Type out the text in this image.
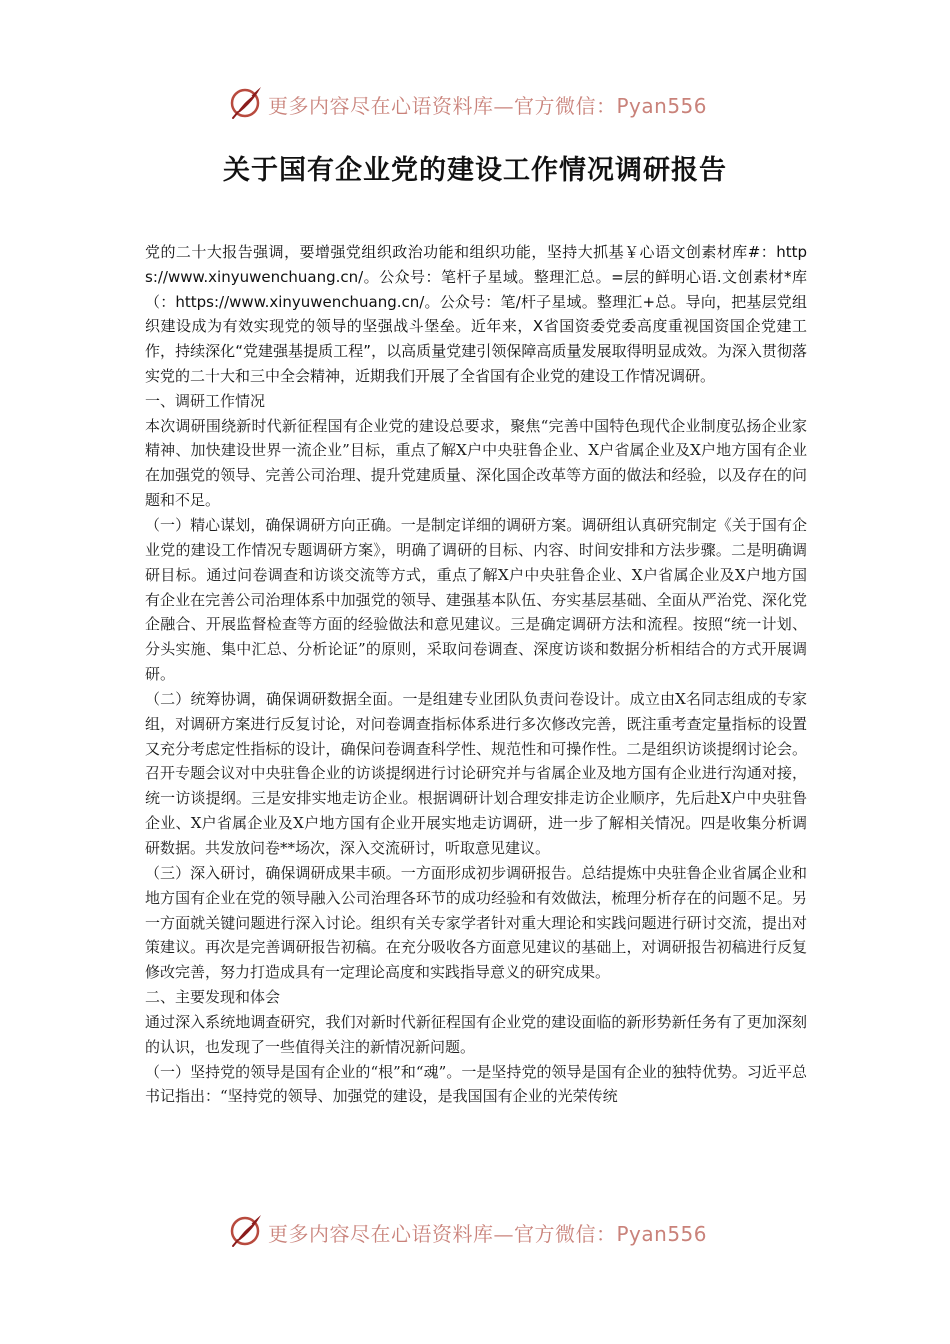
更多内容尽在心语资料库—官方微信：Pyan556
关于国有企业党的建设工作情况调研报告

党的二十大报告强调，要增强党组织政治功能和组织功能，坚持大抓基￥心语文创素材库#：https://www.xinyuwenchuang.cn/。公众号：笔杆子星域。整理汇总。=层的鲜明心语.文创素材*库（：https://www.xinyuwenchuang.cn/。公众号：笔/杆子星域。整理汇+总。导向，把基层党组织建设成为有效实现党的领导的坚强战斗堡垒。近年来，X省国资委党委高度重视国资国企党建工作，持续深化“党建强基提质工程”，以高质量党建引领保障高质量发展取得明显成效。为深入贯彻落实党的二十大和三中全会精神，近期我们开展了全省国有企业党的建设工作情况调研。

一、调研工作情况

本次调研围绕新时代新征程国有企业党的建设总要求，聚焦“完善中国特色现代企业制度弘扬企业家精神、加快建设世界一流企业”目标，重点了解X户中央驻鲁企业、X户省属企业及X户地方国有企业在加强党的领导、完善公司治理、提升党建质量、深化国企改革等方面的做法和经验，以及存在的问题和不足。

（一）精心谋划，确保调研方向正确。一是制定详细的调研方案。调研组认真研究制定《关于国有企业党的建设工作情况专题调研方案》，明确了调研的目标、内容、时间安排和方法步骤。二是明确调研目标。通过问卷调查和访谈交流等方式，重点了解X户中央驻鲁企业、X户省属企业及X户地方国有企业在完善公司治理体系中加强党的领导、建强基本队伍、夯实基层基础、全面从严治党、深化党企融合、开展监督检查等方面的经验做法和意见建议。三是确定调研方法和流程。按照“统一计划、分头实施、集中汇总、分析论证”的原则，采取问卷调查、深度访谈和数据分析相结合的方式开展调研。

（二）统筹协调，确保调研数据全面。一是组建专业团队负责问卷设计。成立由X名同志组成的专家组，对调研方案进行反复讨论，对问卷调查指标体系进行多次修改完善，既注重考查定量指标的设置又充分考虑定性指标的设计，确保问卷调查科学性、规范性和可操作性。二是组织访谈提纲讨论会。召开专题会议对中央驻鲁企业的访谈提纲进行讨论研究并与省属企业及地方国有企业进行沟通对接，统一访谈提纲。三是安排实地走访企业。根据调研计划合理安排走访企业顺序，先后赴X户中央驻鲁企业、X户省属企业及X户地方国有企业开展实地走访调研，进一步了解相关情况。四是收集分析调研数据。共发放问卷**场次，深入交流研讨，听取意见建议。

（三）深入研讨，确保调研成果丰硕。一方面形成初步调研报告。总结提炼中央驻鲁企业省属企业和地方国有企业在党的领导融入公司治理各环节的成功经验和有效做法，梳理分析存在的问题不足。另一方面就关键问题进行深入讨论。组织有关专家学者针对重大理论和实践问题进行研讨交流，提出对策建议。再次是完善调研报告初稿。在充分吸收各方面意见建议的基础上，对调研报告初稿进行反复修改完善，努力打造成具有一定理论高度和实践指导意义的研究成果。

二、主要发现和体会

通过深入系统地调查研究，我们对新时代新征程国有企业党的建设面临的新形势新任务有了更加深刻的认识，也发现了一些值得关注的新情况新问题。

（一）坚持党的领导是国有企业的“根”和“魂”。一是坚持党的领导是国有企业的独特优势。习近平总书记指出：“坚持党的领导、加强党的建设，是我国国有企业的光荣传统

更多内容尽在心语资料库—官方微信：Pyan556
